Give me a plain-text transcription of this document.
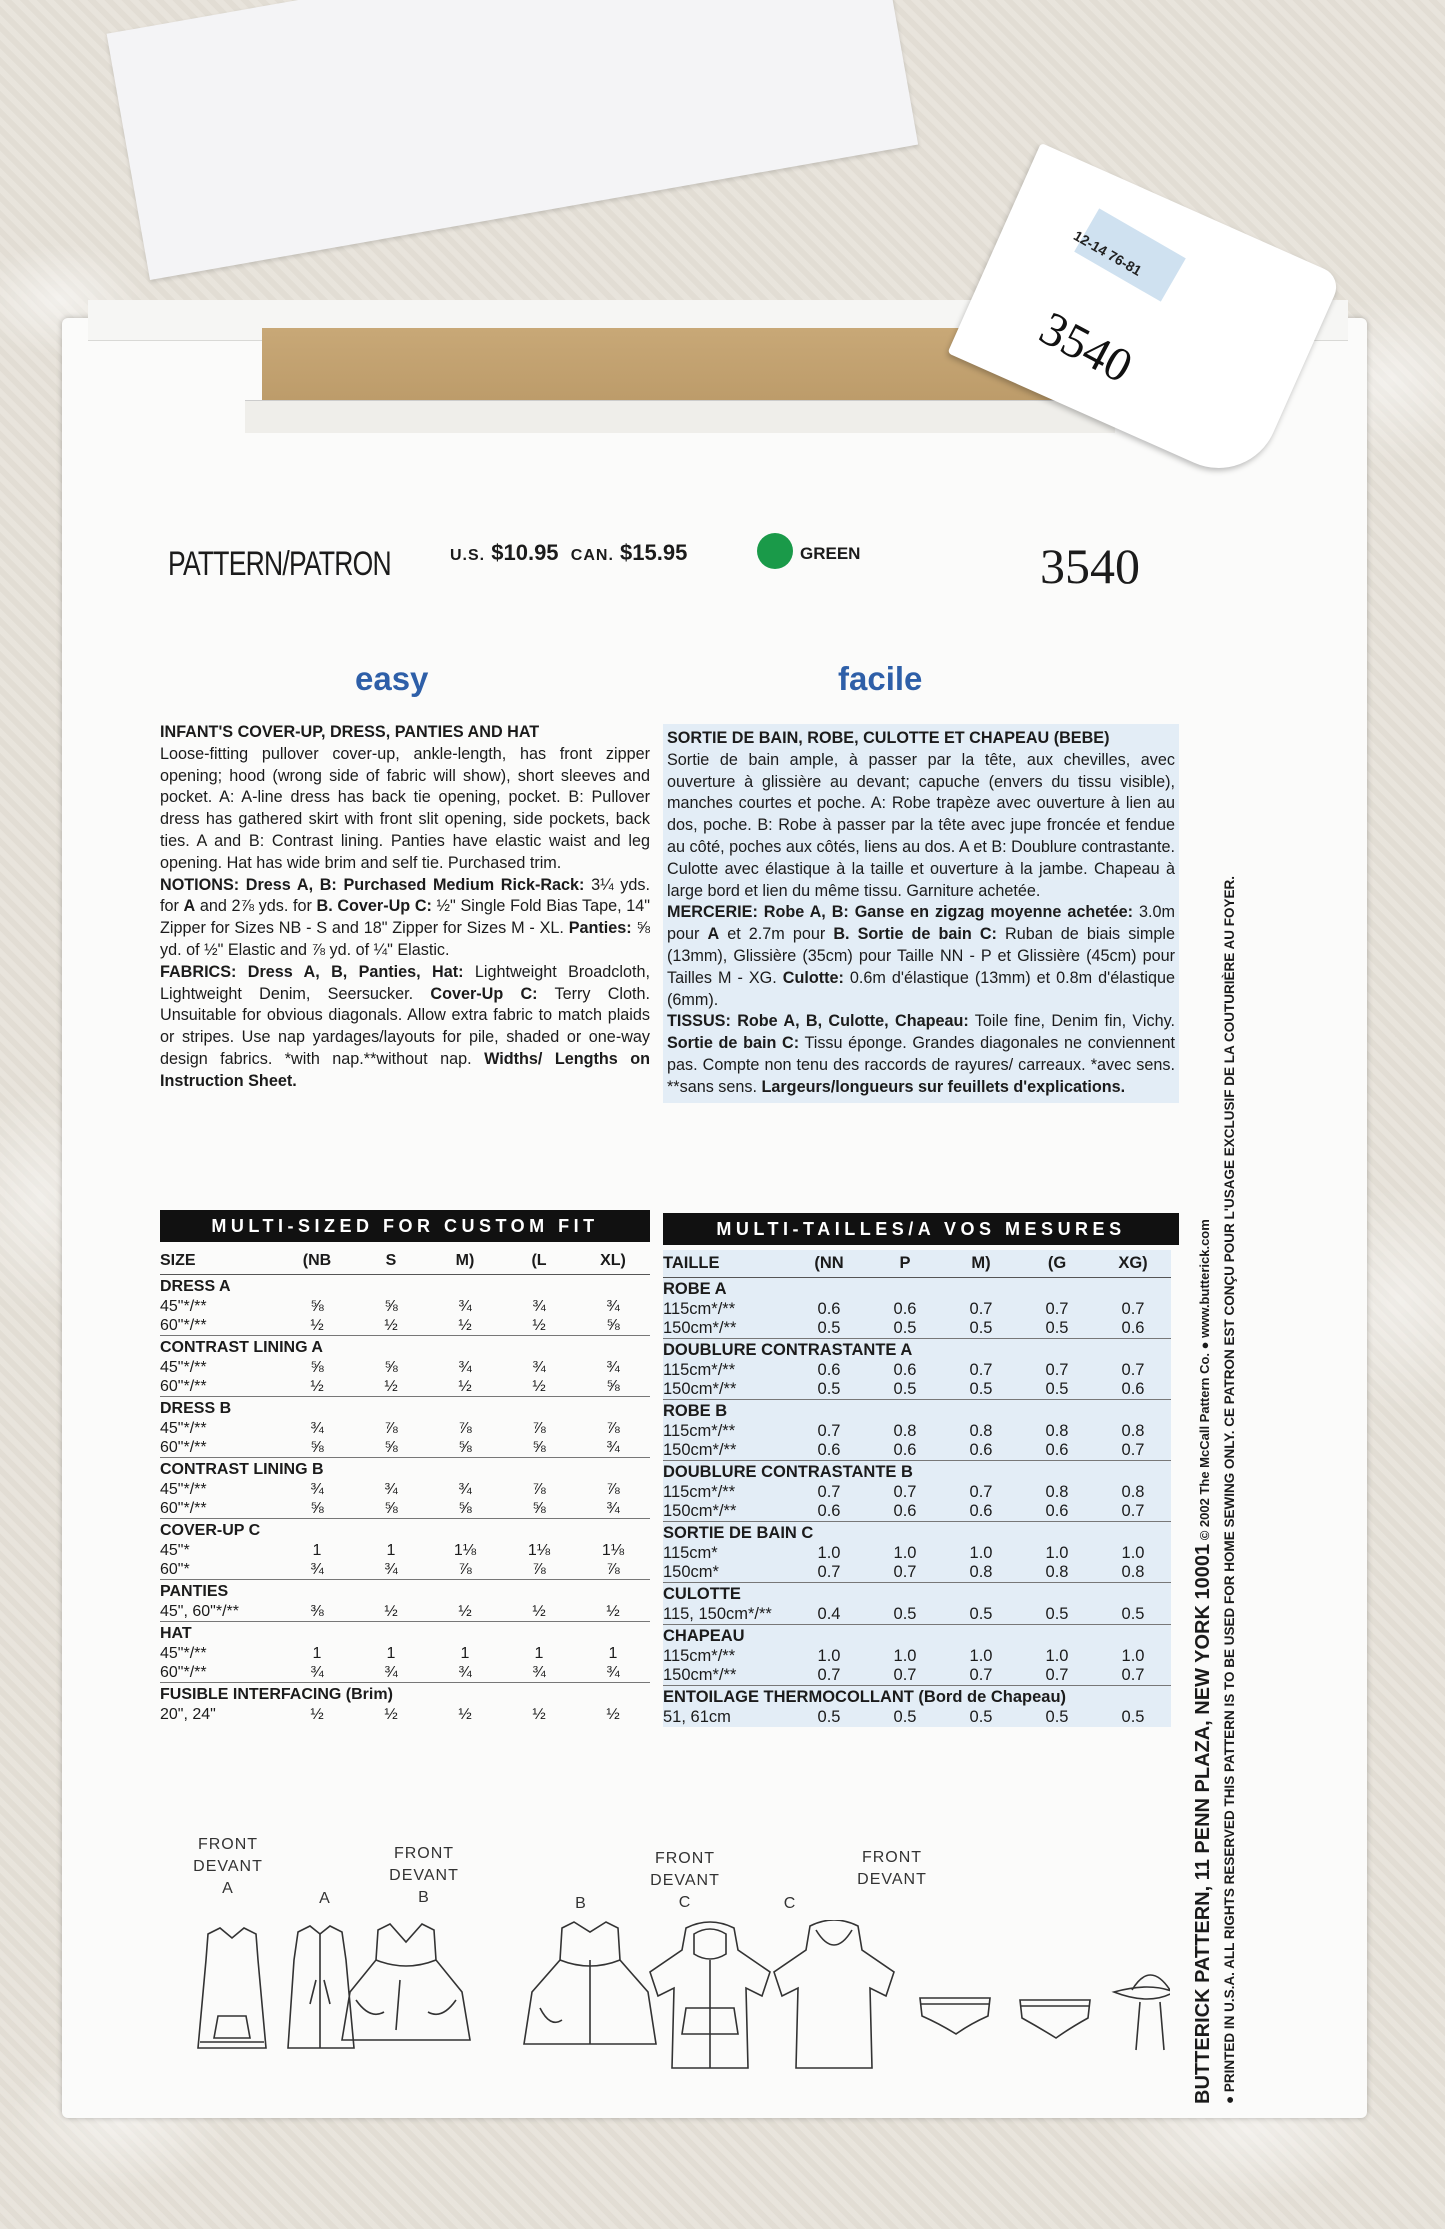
12-14 76-81
3540
PATTERN/PATRON	U.S. $10.95 CAN. $15.95	GREEN	3540
easy	facile

INFANT'S COVER-UP, DRESS, PANTIES AND HAT

Loose-fitting pullover cover-up, ankle-length, has front zipper opening; hood (wrong side of fabric will show), short sleeves and pocket. A: A-line dress has back tie opening, pocket. B: Pullover dress has gathered skirt with front slit opening, side pockets, back ties. A and B: Contrast lining. Panties have elastic waist and leg opening. Hat has wide brim and self tie. Purchased trim.

NOTIONS: Dress A, B: Purchased Medium Rick-Rack: 3¼ yds. for A and 2⅞ yds. for B. Cover-Up C: ½" Single Fold Bias Tape, 14" Zipper for Sizes NB - S and 18" Zipper for Sizes M - XL. Panties: ⅝ yd. of ½" Elastic and ⅞ yd. of ¼" Elastic.

FABRICS: Dress A, B, Panties, Hat: Lightweight Broadcloth, Lightweight Denim, Seersucker. Cover-Up C: Terry Cloth. Unsuitable for obvious diagonals. Allow extra fabric to match plaids or stripes. Use nap yardages/layouts for pile, shaded or one-way design fabrics. *with nap.**without nap. Widths/ Lengths on Instruction Sheet.

SORTIE DE BAIN, ROBE, CULOTTE ET CHAPEAU (BEBE)

Sortie de bain ample, à passer par la tête, aux chevilles, avec ouverture à glissière au devant; capuche (envers du tissu visible), manches courtes et poche. A: Robe trapèze avec ouverture à lien au dos, poche. B: Robe à passer par la tête avec jupe froncée et fendue au côté, poches aux côtés, liens au dos. A et B: Doublure contrastante. Culotte avec élastique à la taille et ouverture à la jambe. Chapeau à large bord et lien du même tissu. Garniture achetée.

MERCERIE: Robe A, B: Ganse en zigzag moyenne achetée: 3.0m pour A et 2.7m pour B. Sortie de bain C: Ruban de biais simple (13mm), Glissière (35cm) pour Taille NN - P et Glissière (45cm) pour Tailles M - XG. Culotte: 0.6m d'élastique (13mm) et 0.8m d'élastique (6mm).

TISSUS: Robe A, B, Culotte, Chapeau: Toile fine, Denim fin, Vichy. Sortie de bain C: Tissu éponge. Grandes diagonales ne conviennent pas. Compte non tenu des raccords de rayures/ carreaux. *avec sens. **sans sens. Largeurs/longueurs sur feuillets d'explications.

MULTI-SIZED FOR CUSTOM FIT	MULTI-TAILLES/A VOS MESURES
SIZE	(NB	S	M)	(L	XL)
DRESS A					
45"*/**	⅝	⅝	¾	¾	¾
60"*/**	½	½	½	½	⅝
CONTRAST LINING A					
45"*/**	⅝	⅝	¾	¾	¾
60"*/**	½	½	½	½	⅝
DRESS B					
45"*/**	¾	⅞	⅞	⅞	⅞
60"*/**	⅝	⅝	⅝	⅝	¾
CONTRAST LINING B					
45"*/**	¾	¾	¾	⅞	⅞
60"*/**	⅝	⅝	⅝	⅝	¾
COVER-UP C					
45"*	1	1	1⅛	1⅛	1⅛
60"*	¾	¾	⅞	⅞	⅞
PANTIES					
45", 60"*/**	⅜	½	½	½	½
HAT					
45"*/**	1	1	1	1	1
60"*/**	¾	¾	¾	¾	¾
FUSIBLE INTERFACING (Brim)					
20", 24"	½	½	½	½	½
TAILLE	(NN	P	M)	(G	XG)
ROBE A					
115cm*/**	0.6	0.6	0.7	0.7	0.7
150cm*/**	0.5	0.5	0.5	0.5	0.6
DOUBLURE CONTRASTANTE A					
115cm*/**	0.6	0.6	0.7	0.7	0.7
150cm*/**	0.5	0.5	0.5	0.5	0.6
ROBE B					
115cm*/**	0.7	0.8	0.8	0.8	0.8
150cm*/**	0.6	0.6	0.6	0.6	0.7
DOUBLURE CONTRASTANTE B					
115cm*/**	0.7	0.7	0.7	0.8	0.8
150cm*/**	0.6	0.6	0.6	0.6	0.7
SORTIE DE BAIN C					
115cm*	1.0	1.0	1.0	1.0	1.0
150cm*	0.7	0.7	0.8	0.8	0.8
CULOTTE					
115, 150cm*/**	0.4	0.5	0.5	0.5	0.5
CHAPEAU					
115cm*/**	1.0	1.0	1.0	1.0	1.0
150cm*/**	0.7	0.7	0.7	0.7	0.7
ENTOILAGE THERMOCOLLANT (Bord de Chapeau)					
51, 61cm	0.5	0.5	0.5	0.5	0.5
FRONT
DEVANT
A
A
FRONT
DEVANT
B	B
FRONT
DEVANT
C	C
FRONT
DEVANT	BUTTERICK PATTERN, 11 PENN PLAZA, NEW YORK 10001 © 2002 The McCall Pattern Co. ● www.butterick.com ● PRINTED IN U.S.A. ALL RIGHTS RESERVED THIS PATTERN IS TO BE USED FOR HOME SEWING ONLY. CE PATRON EST CONÇU POUR L'USAGE EXCLUSIF DE LA COUTURIÈRE AU FOYER.
